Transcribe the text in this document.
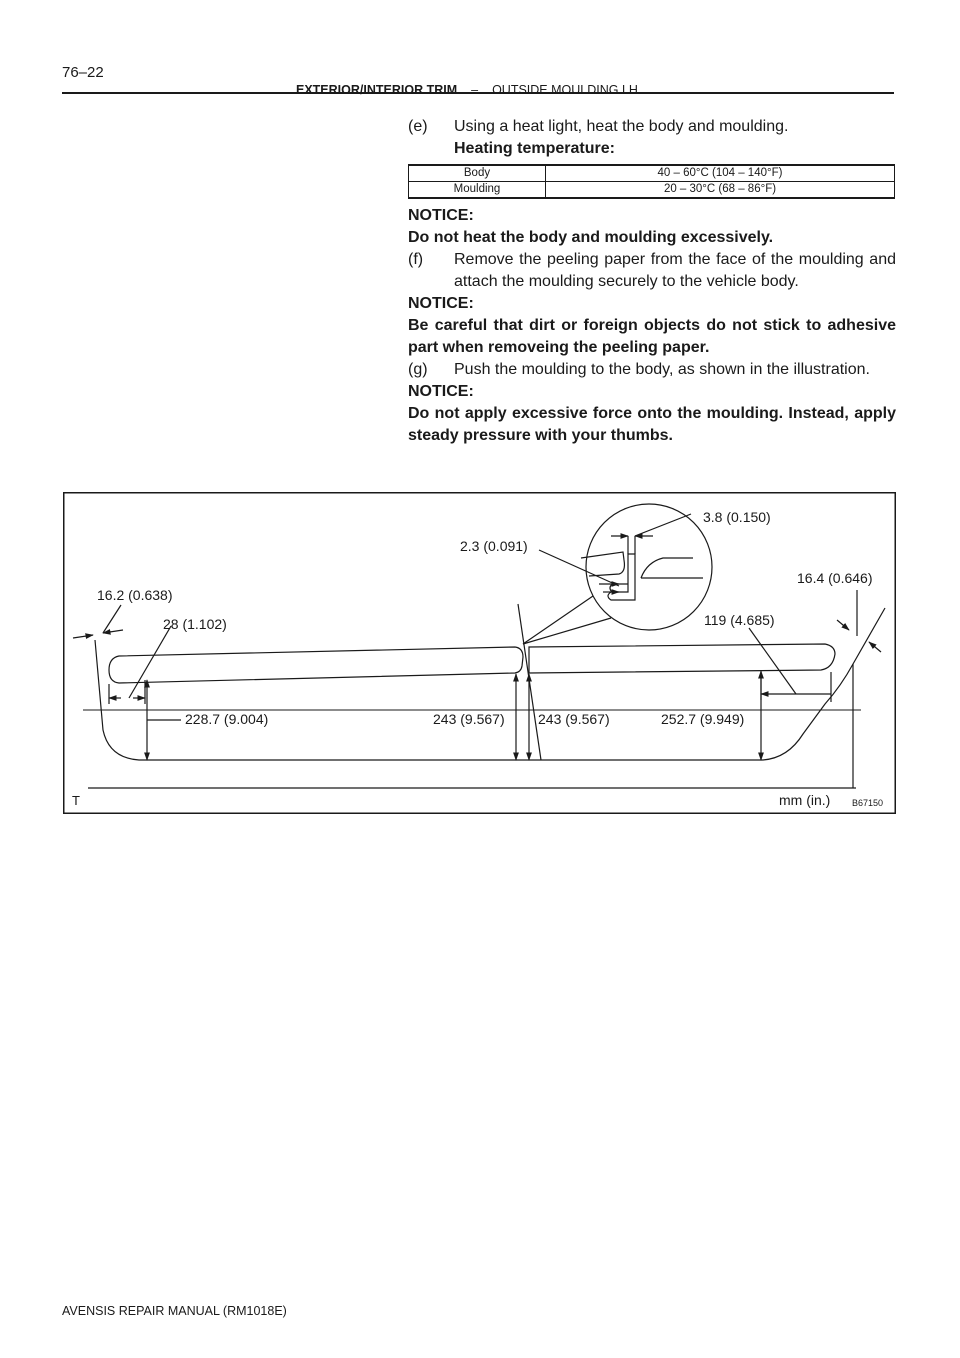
76–22
EXTERIOR/INTERIOR TRIM – OUTSIDE MOULDING LH
(e) Using a heat light, heat the body and moulding.
Heating temperature:
Body	40 – 60°C (104 – 140°F)
Moulding	20 – 30°C (68 – 86°F)
NOTICE:
Do not heat the body and moulding excessively.
(f) Remove the peeling paper from the face of the moulding and attach the moulding securely to the vehicle body.
NOTICE:
Be careful that dirt or foreign objects do not stick to adhesive part when removeing the peeling paper.
(g) Push the moulding to the body, as shown in the illustration.
NOTICE:
Do not apply excessive force onto the moulding. Instead, apply steady pressure with your thumbs.
16.2 (0.638)
28 (1.102)
228.7 (9.004)	243 (9.567) 243 (9.567)	252.7 (9.949)
119 (4.685)
16.4 (0.646)
2.3 (0.091)
3.8 (0.150)
mm (in.)
T	B67150
AVENSIS REPAIR MANUAL (RM1018E)
